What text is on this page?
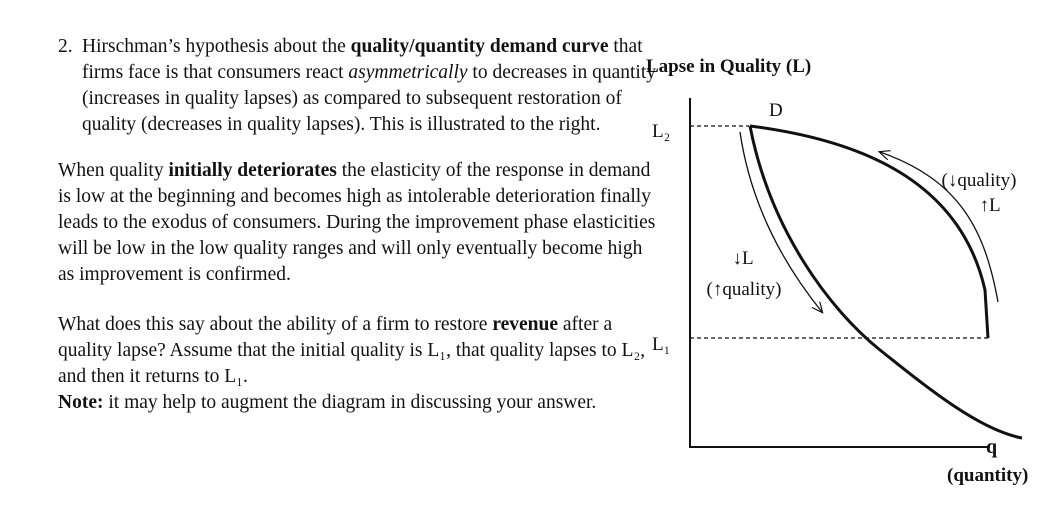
2. Hirschman’s hypothesis about the quality/quantity demand curve that firms face is that consumers react asymmetrically to decreases in quantity (increases in quality lapses) as compared to subsequent restoration of quality (decreases in quality lapses). This is illustrated to the right.

When quality initially deteriorates the elasticity of the response in demand is low at the beginning and becomes high as intolerable deterioration finally leads to the exodus of consumers. During the improvement phase elasticities will be low in the low quality ranges and will only eventually become high as improvement is confirmed.

What does this say about the ability of a firm to restore revenue after a quality lapse? Assume that the initial quality is L₁, that quality lapses to L₂, and then it returns to L₁.

Note: it may help to augment the diagram in discussing your answer.

Lapse in Quality (L)
L₂
L₁
D
(↓quality)
↑L
↓L
(↑quality)
q
(quantity)
